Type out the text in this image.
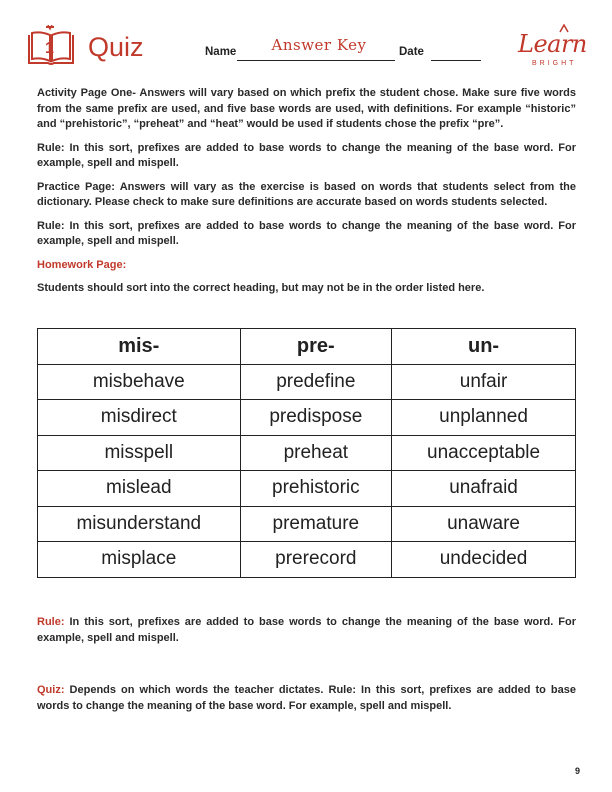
1 Quiz	Name	Answer Key	Date	Learn
BRIGHT

Activity Page One- Answers will vary based on which prefix the student chose. Make sure five words from the same prefix are used, and five base words are used, with definitions. For example “historic” and “prehistoric”, “preheat” and “heat” would be used if students chose the prefix “pre”.

Rule: In this sort, prefixes are added to base words to change the meaning of the base word. For example, spell and mispell.

Practice Page: Answers will vary as the exercise is based on words that students select from the dictionary. Please check to make sure definitions are accurate based on words students selected.

Rule: In this sort, prefixes are added to base words to change the meaning of the base word. For example, spell and mispell.

Homework Page:

Students should sort into the correct heading, but may not be in the order listed here.

mis-	pre-	un-
misbehave	predefine	unfair
misdirect	predispose	unplanned
misspell	preheat	unacceptable
mislead	prehistoric	unafraid
misunderstand	premature	unaware
misplace	prerecord	undecided
Rule: In this sort, prefixes are added to base words to change the meaning of the base word. For example, spell and mispell.
Quiz: Depends on which words the teacher dictates. Rule: In this sort, prefixes are added to base words to change the meaning of the base word. For example, spell and mispell.
9
